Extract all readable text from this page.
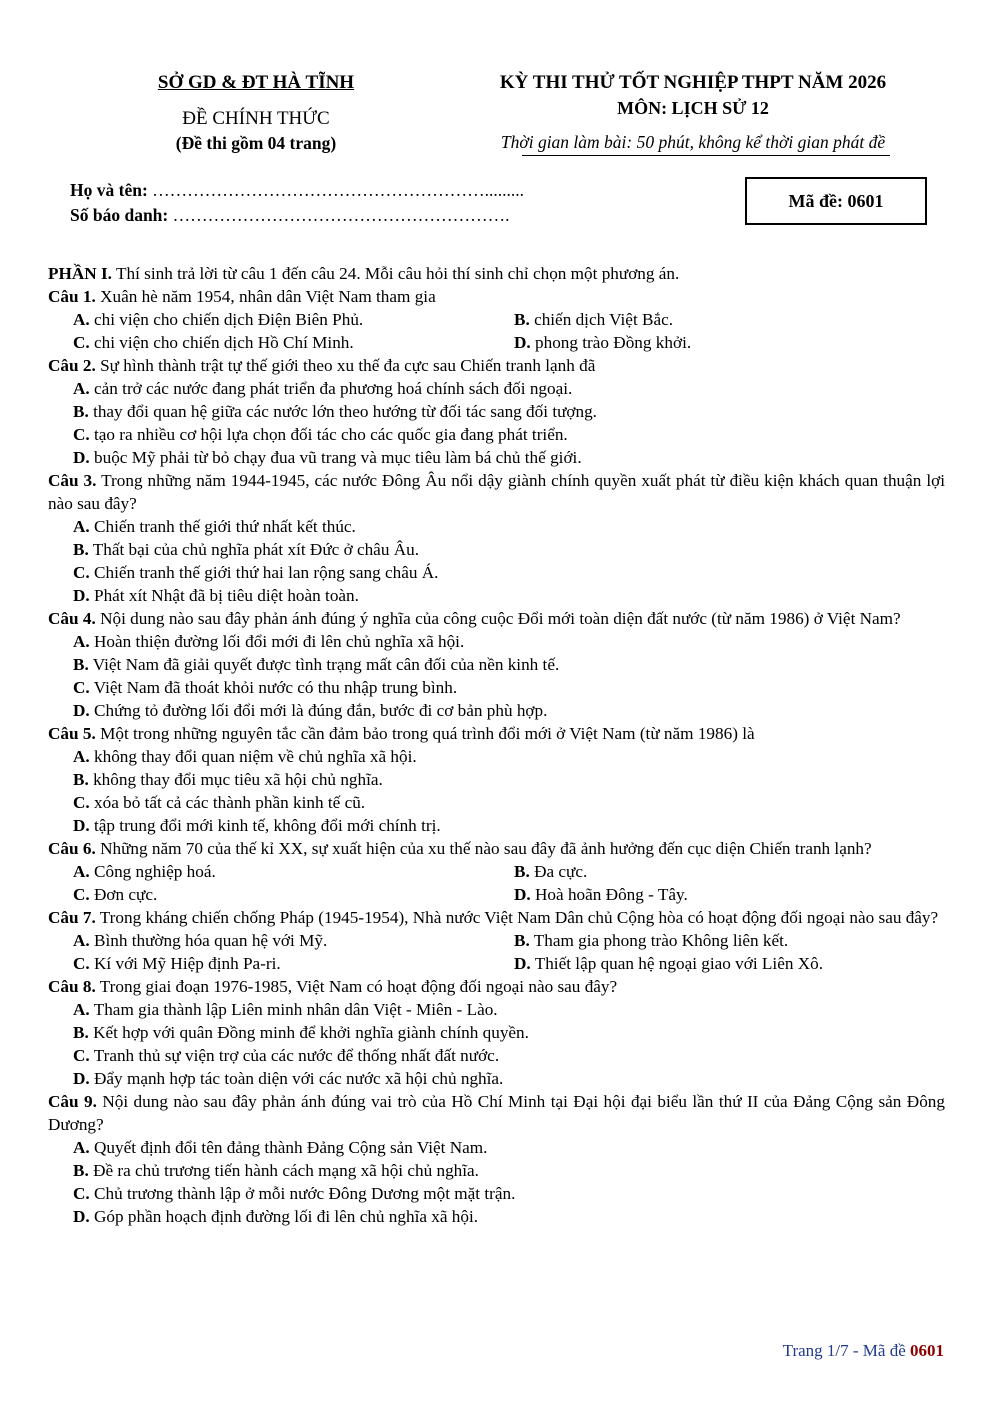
SỞ GD & ĐT HÀ TĨNH
ĐỀ CHÍNH THỨC
(Đề thi gồm 04 trang)
KỲ THI THỬ TỐT NGHIỆP THPT NĂM 2026
MÔN: LỊCH SỬ 12
Thời gian làm bài: 50 phút, không kể thời gian phát đề
Họ và tên: ………………………………………………….........
Số báo danh: ………………………………………………….
Mã đề: 0601
PHẦN I. Thí sinh trả lời từ câu 1 đến câu 24. Mỗi câu hỏi thí sinh chỉ chọn một phương án.
Câu 1. Xuân hè năm 1954, nhân dân Việt Nam tham gia
A. chi viện cho chiến dịch Điện Biên Phủ.	B. chiến dịch Việt Bắc.
C. chi viện cho chiến dịch Hồ Chí Minh.	D. phong trào Đồng khởi.
Câu 2. Sự hình thành trật tự thế giới theo xu thế đa cực sau Chiến tranh lạnh đã
A. cản trở các nước đang phát triển đa phương hoá chính sách đối ngoại.
B. thay đổi quan hệ giữa các nước lớn theo hướng từ đối tác sang đối tượng.
C. tạo ra nhiều cơ hội lựa chọn đối tác cho các quốc gia đang phát triển.
D. buộc Mỹ phải từ bỏ chạy đua vũ trang và mục tiêu làm bá chủ thế giới.
Câu 3. Trong những năm 1944-1945, các nước Đông Âu nổi dậy giành chính quyền xuất phát từ điều kiện khách quan thuận lợi nào sau đây?
A. Chiến tranh thế giới thứ nhất kết thúc.
B. Thất bại của chủ nghĩa phát xít Đức ở châu Âu.
C. Chiến tranh thế giới thứ hai lan rộng sang châu Á.
D. Phát xít Nhật đã bị tiêu diệt hoàn toàn.
Câu 4. Nội dung nào sau đây phản ánh đúng ý nghĩa của công cuộc Đổi mới toàn diện đất nước (từ năm 1986) ở Việt Nam?
A. Hoàn thiện đường lối đổi mới đi lên chủ nghĩa xã hội.
B. Việt Nam đã giải quyết được tình trạng mất cân đối của nền kinh tế.
C. Việt Nam đã thoát khỏi nước có thu nhập trung bình.
D. Chứng tỏ đường lối đổi mới là đúng đắn, bước đi cơ bản phù hợp.
Câu 5. Một trong những nguyên tắc cần đảm bảo trong quá trình đổi mới ở Việt Nam (từ năm 1986) là
A. không thay đổi quan niệm về chủ nghĩa xã hội.
B. không thay đổi mục tiêu xã hội chủ nghĩa.
C. xóa bỏ tất cả các thành phần kinh tế cũ.
D. tập trung đổi mới kinh tế, không đổi mới chính trị.
Câu 6. Những năm 70 của thế kỉ XX, sự xuất hiện của xu thế nào sau đây đã ảnh hưởng đến cục diện Chiến tranh lạnh?
A. Công nghiệp hoá.	B. Đa cực.
C. Đơn cực.	D. Hoà hoãn Đông - Tây.
Câu 7. Trong kháng chiến chống Pháp (1945-1954), Nhà nước Việt Nam Dân chủ Cộng hòa có hoạt động đối ngoại nào sau đây?
A. Bình thường hóa quan hệ với Mỹ.	B. Tham gia phong trào Không liên kết.
C. Kí với Mỹ Hiệp định Pa-ri.	D. Thiết lập quan hệ ngoại giao với Liên Xô.
Câu 8. Trong giai đoạn 1976-1985, Việt Nam có hoạt động đối ngoại nào sau đây?
A. Tham gia thành lập Liên minh nhân dân Việt - Miên - Lào.
B. Kết hợp với quân Đồng minh để khởi nghĩa giành chính quyền.
C. Tranh thủ sự viện trợ của các nước để thống nhất đất nước.
D. Đẩy mạnh hợp tác toàn diện với các nước xã hội chủ nghĩa.
Câu 9. Nội dung nào sau đây phản ánh đúng vai trò của Hồ Chí Minh tại Đại hội đại biểu lần thứ II của Đảng Cộng sản Đông Dương?
A. Quyết định đổi tên đảng thành Đảng Cộng sản Việt Nam.
B. Đề ra chủ trương tiến hành cách mạng xã hội chủ nghĩa.
C. Chủ trương thành lập ở mỗi nước Đông Dương một mặt trận.
D. Góp phần hoạch định đường lối đi lên chủ nghĩa xã hội.
Trang 1/7 - Mã đề 0601
